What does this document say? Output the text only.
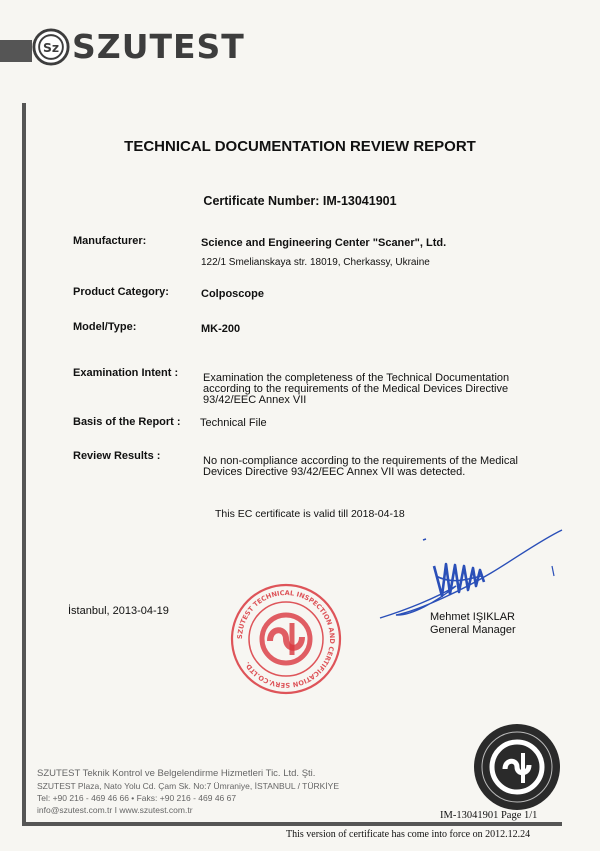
Sz SZUTEST
TECHNICAL DOCUMENTATION REVIEW REPORT
Certificate Number: IM-13041901
Manufacturer:	Science and Engineering Center "Scaner", Ltd.
122/1 Smelianskaya str. 18019, Cherkassy, Ukraine
Product Category:	Colposcope
Model/Type:	MK-200
Examination Intent : Examination the completeness of the Technical Documentation
according to the requirements of the Medical Devices Directive
93/42/EEC Annex VII
Basis of the Report : Technical File
Review Results :	No non-compliance according to the requirements of the Medical
Devices Directive 93/42/EEC Annex VII was detected.
This EC certificate is valid till 2018-04-18
İstanbul, 2013-04-19	Mehmet IŞIKLAR
General Manager
SZUTEST TECHNICAL INSPECTION AND CERTIFICATION SERV.CO.LTD.
SZUTEST Teknik Kontrol ve Belgelendirme Hizmetleri Tic. Ltd. Şti.
SZUTEST Plaza, Nato Yolu Cd. Çam Sk. No:7 Ümraniye, İSTANBUL / TÜRKİYE
Tel: +90 216 - 469 46 66 • Faks: +90 216 - 469 46 67
info@szutest.com.tr I www.szutest.com.tr	IM-13041901 Page 1/1
This version of certificate has come into force on 2012.12.24
